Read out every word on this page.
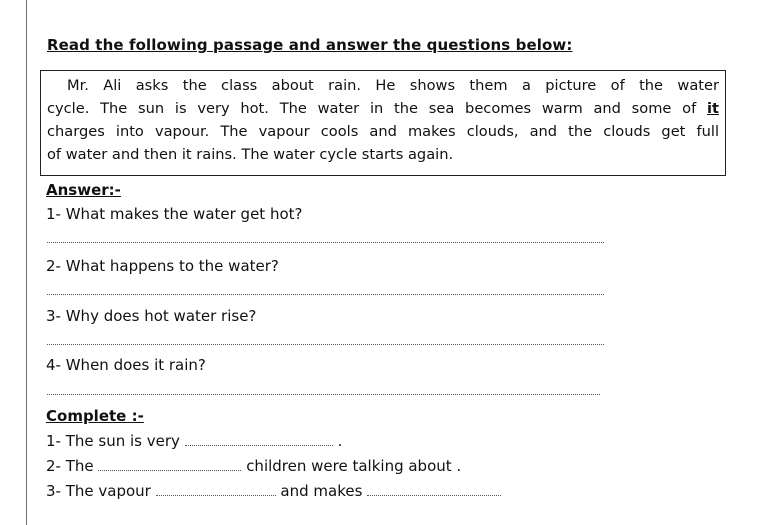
Read the following passage and answer the questions below:
Mr. Ali asks the class about rain. He shows them a picture of the water
cycle. The sun is very hot. The water in the sea becomes warm and some of it
charges into vapour. The vapour cools and makes clouds, and the clouds get full
of water and then it rains. The water cycle starts again.
Answer:-
1- What makes the water get hot?
2- What happens to the water?
3- Why does hot water rise?
4- When does it rain?
Complete :-
1- The sun is very	.
2- The	children were talking about .
3- The vapour	and makes
